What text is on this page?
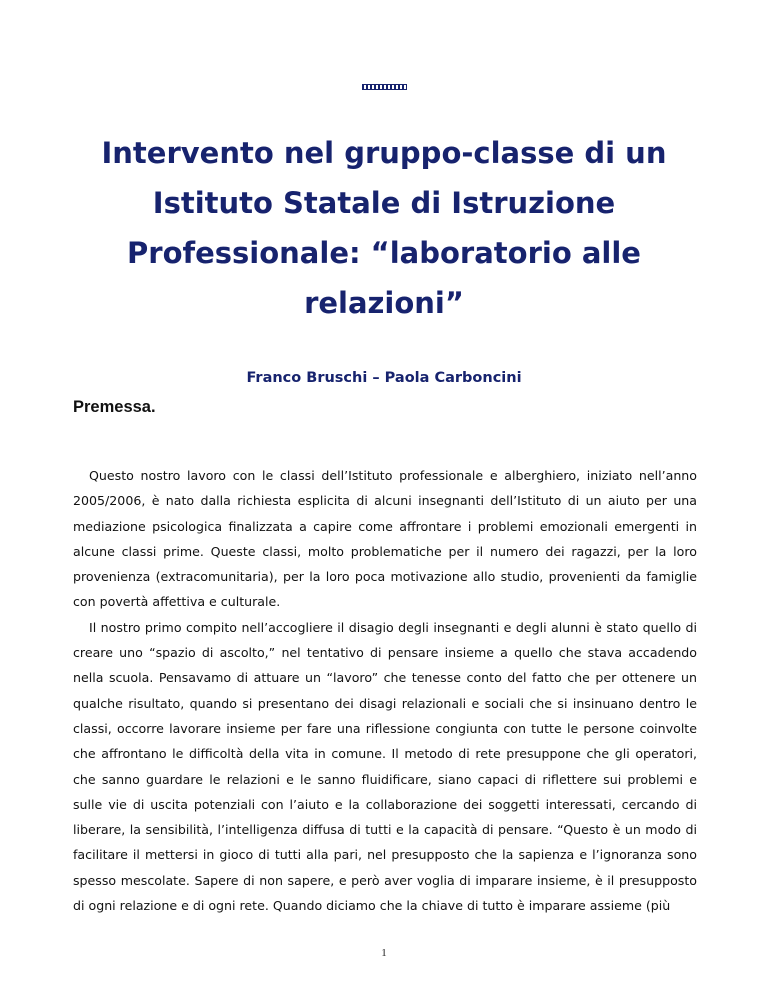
Intervento nel gruppo-classe di un
Istituto Statale di Istruzione
Professionale: “laboratorio alle
relazioni”

Franco Bruschi – Paola Carboncini

Premessa.

Questo nostro lavoro con le classi dell’Istituto professionale e alberghiero, iniziato nell’anno 2005/2006, è nato dalla richiesta esplicita di alcuni insegnanti dell’Istituto di un aiuto per una mediazione psicologica finalizzata a capire come affrontare i problemi emozionali emergenti in alcune classi prime. Queste classi, molto problematiche per il numero dei ragazzi, per la loro provenienza (extracomunitaria), per la loro poca motivazione allo studio, provenienti da famiglie con povertà affettiva e culturale.

Il nostro primo compito nell’accogliere il disagio degli insegnanti e degli alunni è stato quello di creare uno “spazio di ascolto,” nel tentativo di pensare insieme a quello che stava accadendo nella scuola. Pensavamo di attuare un “lavoro” che tenesse conto del fatto che per ottenere un qualche risultato, quando si presentano dei disagi relazionali e sociali che si insinuano dentro le classi, occorre lavorare insieme per fare una riflessione congiunta con tutte le persone coinvolte che affrontano le difficoltà della vita in comune. Il metodo di rete presuppone che gli operatori, che sanno guardare le relazioni e le sanno fluidificare, siano capaci di riflettere sui problemi e sulle vie di uscita potenziali con l’aiuto e la collaborazione dei soggetti interessati, cercando di liberare, la sensibilità, l’intelligenza diffusa di tutti e la capacità di pensare. “Questo è un modo di facilitare il mettersi in gioco di tutti alla pari, nel presupposto che la sapienza e l’ignoranza sono spesso mescolate. Sapere di non sapere, e però aver voglia di imparare insieme, è il presupposto di ogni relazione e di ogni rete. Quando diciamo che la chiave di tutto è imparare assieme (più

1
